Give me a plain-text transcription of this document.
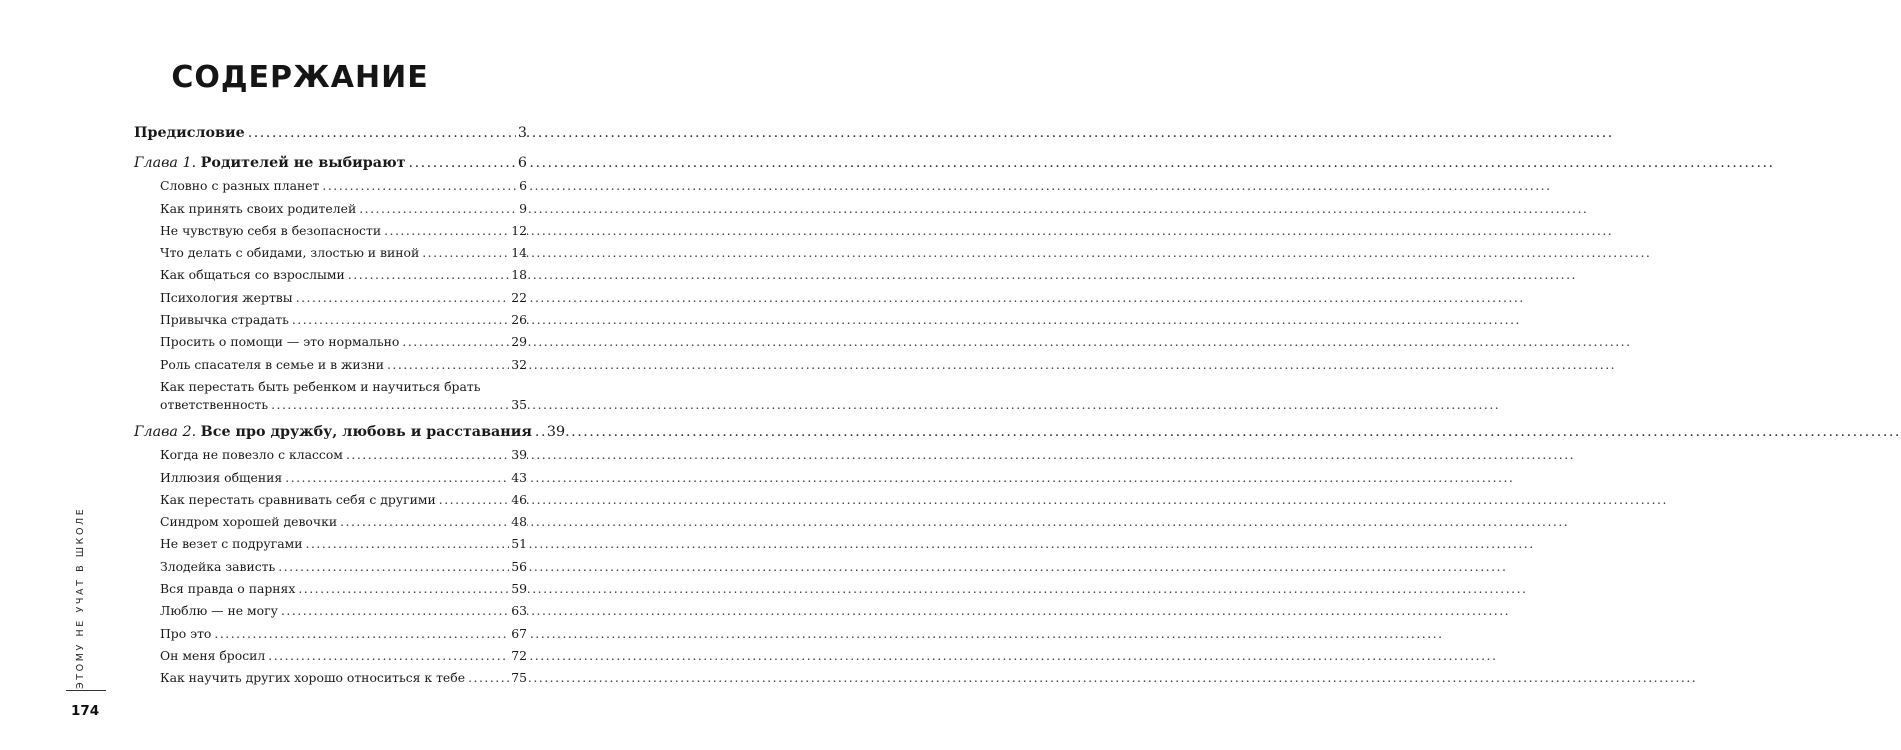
СОДЕРЖАНИЕ
Предисловие .....	3
Глава 1. Родителей не выбирают .....	6
Словно с разных планет .....	6
Как принять своих родителей .....	9
Не чувствую себя в безопасности .....	12
Что делать с обидами, злостью и виной .....	14
Как общаться со взрослыми .....	18
Психология жертвы .....	22
Привычка страдать .....	26
Просить о помощи — это нормально .....	29
Роль спасателя в семье и в жизни .....	32
Как перестать быть ребенком и научиться брать
ответственность .....	35
Глава 2. Все про дружбу, любовь и расставания ..... 39
Когда не повезло с классом .....	39
Иллюзия общения .....	43
Как перестать сравнивать себя с другими .....	46
Синдром хорошей девочки .....	48
Не везет с подругами .....	51
Злодейка зависть .....	56
Вся правда о парнях .....	59
Люблю — не могу .....	63
Про это .....	67
Он меня бросил .....	72
Как научить других хорошо относиться к тебе .....	75
ЭТОМУ НЕ УЧАТ В ШКОЛЕ
174
